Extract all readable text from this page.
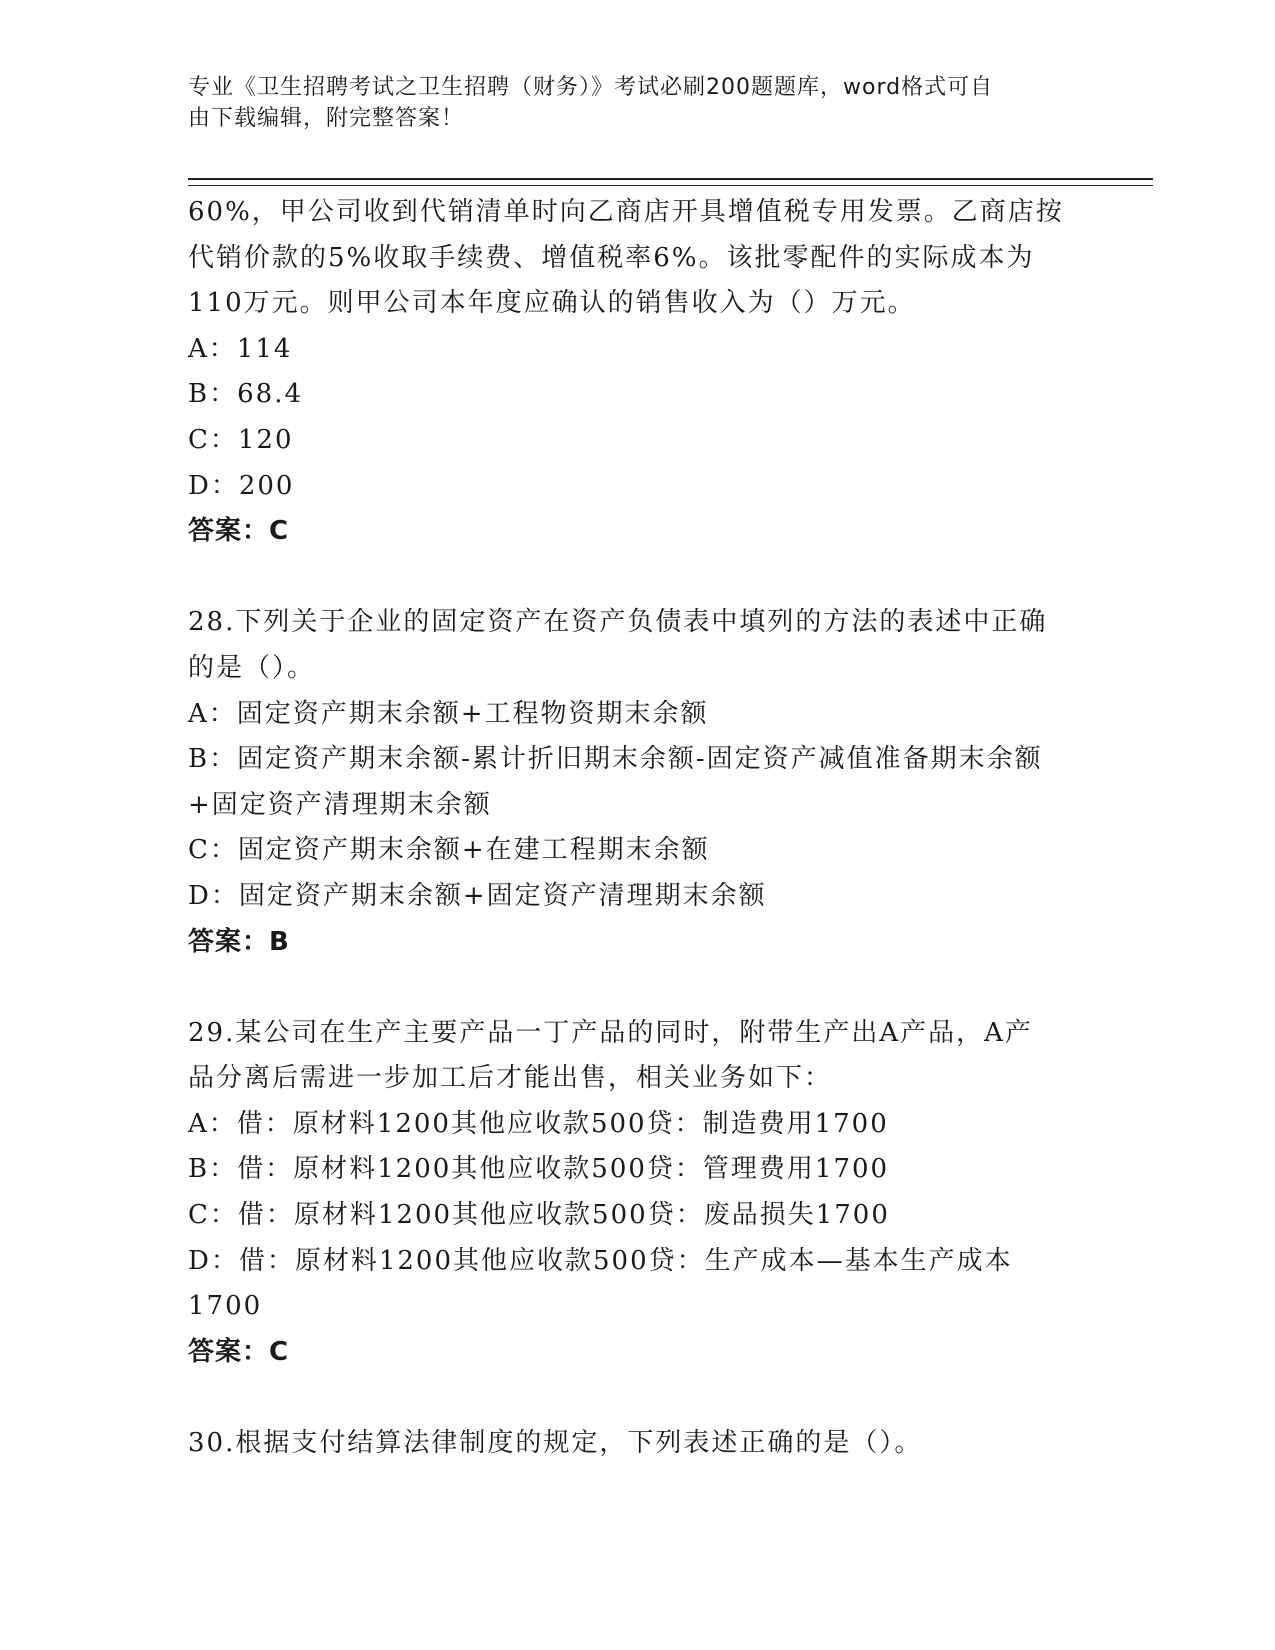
专业《卫生招聘考试之卫生招聘（财务）》考试必刷200题题库，word格式可自
由下载编辑，附完整答案！
60%，甲公司收到代销清单时向乙商店开具增值税专用发票。乙商店按
代销价款的5%收取手续费、增值税率6%。该批零配件的实际成本为
110万元。则甲公司本年度应确认的销售收入为（）万元。
A：114
B：68.4
C：120
D：200
答案：C
28.下列关于企业的固定资产在资产负债表中填列的方法的表述中正确
的是（）。
A：固定资产期末余额+工程物资期末余额
B：固定资产期末余额-累计折旧期末余额-固定资产减值准备期末余额
+固定资产清理期末余额
C：固定资产期末余额+在建工程期末余额
D：固定资产期末余额+固定资产清理期末余额
答案：B
29.某公司在生产主要产品一丁产品的同时，附带生产出A产品，A产
品分离后需进一步加工后才能出售，相关业务如下：
A：借：原材料1200其他应收款500贷：制造费用1700
B：借：原材料1200其他应收款500贷：管理费用1700
C：借：原材料1200其他应收款500贷：废品损失1700
D：借：原材料1200其他应收款500贷：生产成本—基本生产成本
1700
答案：C
30.根据支付结算法律制度的规定，下列表述正确的是（）。
